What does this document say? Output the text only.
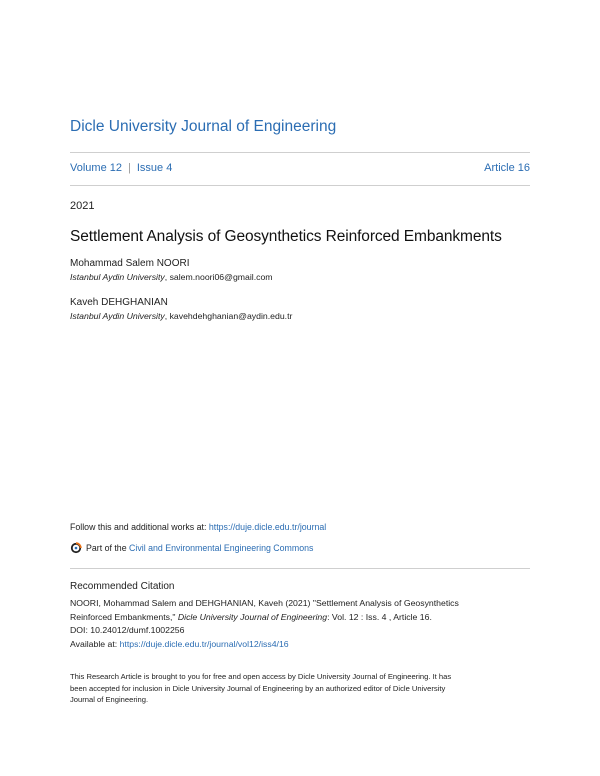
Dicle University Journal of Engineering
Volume 12 | Issue 4	Article 16
2021
Settlement Analysis of Geosynthetics Reinforced Embankments
Mohammad Salem NOORI
Istanbul Aydin University, salem.noori06@gmail.com
Kaveh DEHGHANIAN
Istanbul Aydin University, kavehdehghanian@aydin.edu.tr
Follow this and additional works at: https://duje.dicle.edu.tr/journal
Part of the
Civil and Environmental Engineering Commons
Recommended Citation
NOORI, Mohammad Salem and DEHGHANIAN, Kaveh (2021) "Settlement Analysis of Geosynthetics
Reinforced Embankments," Dicle University Journal of Engineering: Vol. 12 : Iss. 4 , Article 16.
DOI: 10.24012/dumf.1002256
Available at: https://duje.dicle.edu.tr/journal/vol12/iss4/16
This Research Article is brought to you for free and open access by Dicle University Journal of Engineering. It has
been accepted for inclusion in Dicle University Journal of Engineering by an authorized editor of Dicle University
Journal of Engineering.
